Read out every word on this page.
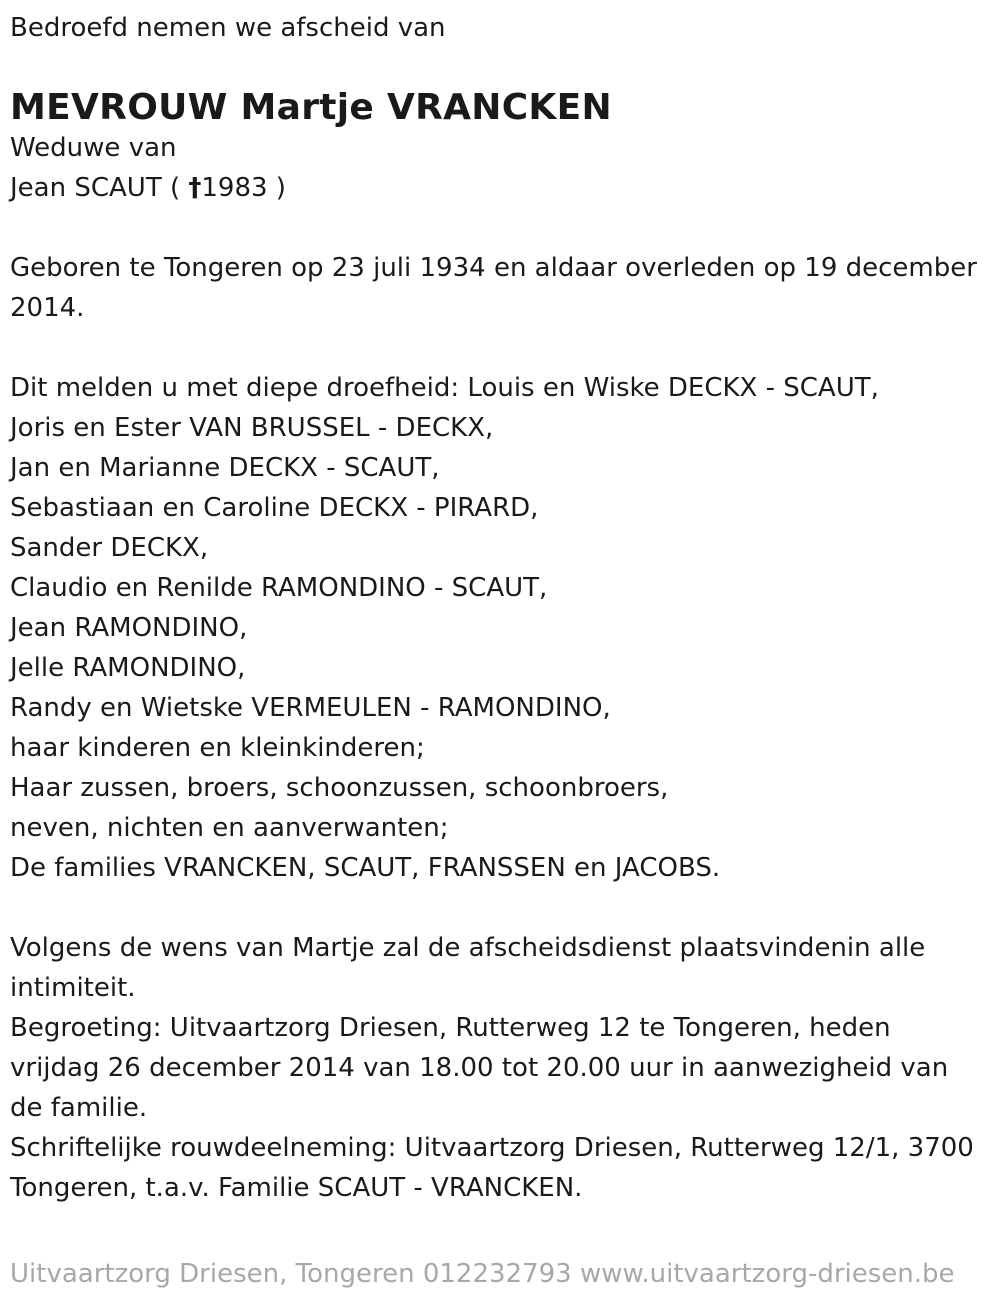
Bedroefd nemen we afscheid van
MEVROUW Martje VRANCKEN
Weduwe van
Jean SCAUT ( †1983 )
Geboren te Tongeren op 23 juli 1934 en aldaar overleden op 19 december 2014.
Dit melden u met diepe droefheid: Louis en Wiske DECKX - SCAUT,
Joris en Ester VAN BRUSSEL - DECKX,
Jan en Marianne DECKX - SCAUT,
Sebastiaan en Caroline DECKX - PIRARD,
Sander DECKX,
Claudio en Renilde RAMONDINO - SCAUT,
Jean RAMONDINO,
Jelle RAMONDINO,
Randy en Wietske VERMEULEN - RAMONDINO,
haar kinderen en kleinkinderen;
Haar zussen, broers, schoonzussen, schoonbroers,
neven, nichten en aanverwanten;
De families VRANCKEN, SCAUT, FRANSSEN en JACOBS.
Volgens de wens van Martje zal de afscheidsdienst plaatsvindenin alle intimiteit.
Begroeting: Uitvaartzorg Driesen, Rutterweg 12 te Tongeren, heden vrijdag 26 december 2014 van 18.00 tot 20.00 uur in aanwezigheid van de familie.
Schriftelijke rouwdeelneming: Uitvaartzorg Driesen, Rutterweg 12/1, 3700 Tongeren, t.a.v. Familie SCAUT - VRANCKEN.
Uitvaartzorg Driesen, Tongeren 012232793 www.uitvaartzorg-driesen.be
